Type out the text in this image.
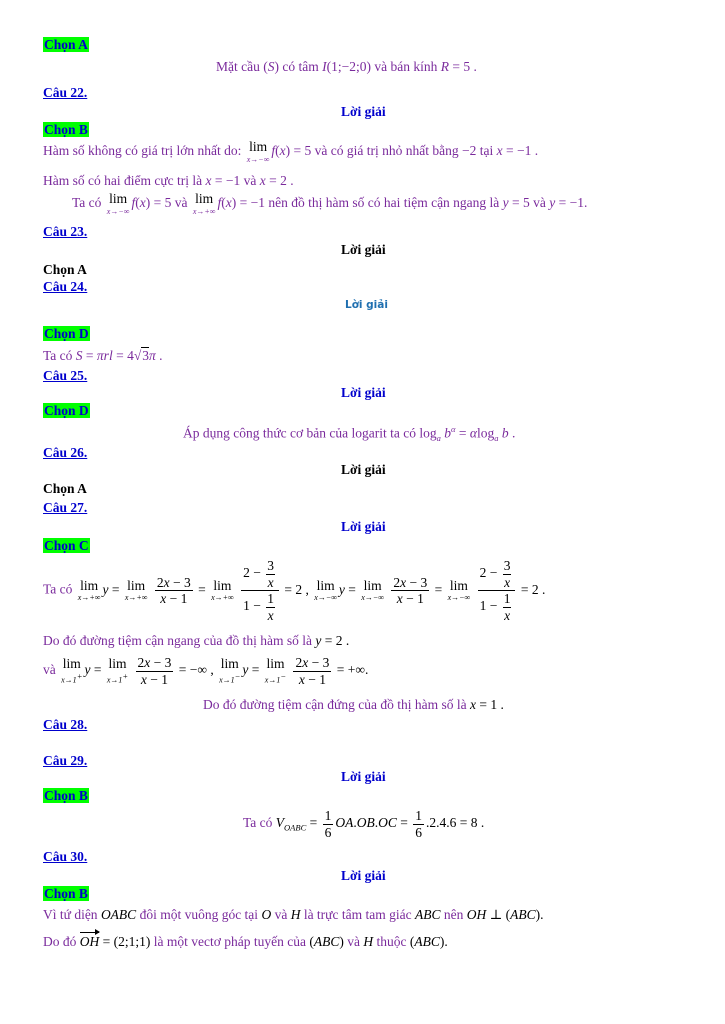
Chọn A
Mặt cầu (S) có tâm I(1;−2;0) và bán kính R = 5 .
Câu 22.
Lời giải
Chọn B
Hàm số không có giá trị lớn nhất do: lim
x→−∞
f(x) = 5 và có giá trị nhỏ nhất bằng −2 tại x = −1 .
Hàm số có hai điểm cực trị là x = −1 và x = 2 .
Ta có lim
x→−∞
f(x) = 5 và lim
x→+∞
f(x) = −1 nên đồ thị hàm số có hai tiệm cận ngang là y = 5 và y = −1.
Câu 23.
Lời giải
Chọn A
Câu 24.
Lời giải
Chọn D
Ta có S = πrl = 4√3π .
Câu 25.
Lời giải
Chọn D
Áp dụng công thức cơ bản của logarit ta có $\log_a b^\alpha = \alpha\log_a$ b .
Câu 26.
Lời giải
Chọn A
Câu 27.
Lời giải
Chọn C
Ta có lim
x→+∞
y = lim
x→+∞
$\frac{2x - 3}{x - 1} = \lim$
x→+∞
$\frac{2 - \frac{3}{x}}{1 - \frac{1}{x}} = 2$ , lim
x→−∞
y = lim
x→−∞
$\frac{2x - 3}{x - 1} = \lim$
x→−∞
$\frac{2 - \frac{3}{x}}{1 - \frac{1}{x}} = 2$ .
Do đó đường tiệm cận ngang của đồ thị hàm số là y = 2 .
và lim
x→1+ y = lim
x→1+
$\frac{2x - 3}{x - 1}$ = −∞ , lim
x→1− y = lim
x→1−
$\frac{2x - 3}{x - 1}$ = +∞.
Do đó đường tiệm cận đứng của đồ thị hàm số là x = 1 .
Câu 28.
Câu 29.
Lời giải
Chọn B
Ta có $V_{OABC} = \frac{1}{6} OA.OB.OC = \frac{1}{6} .2.4.6 = 8$ .
Câu 30.
Lời giải
Chọn B
Vì tứ diện OABC đôi một vuông góc tại O và H là trực tâm tam giác ABC nên OH ⊥ (ABC).
Do đó OH = (2;1;1) là một vectơ pháp tuyến của (ABC) và H thuộc (ABC).
